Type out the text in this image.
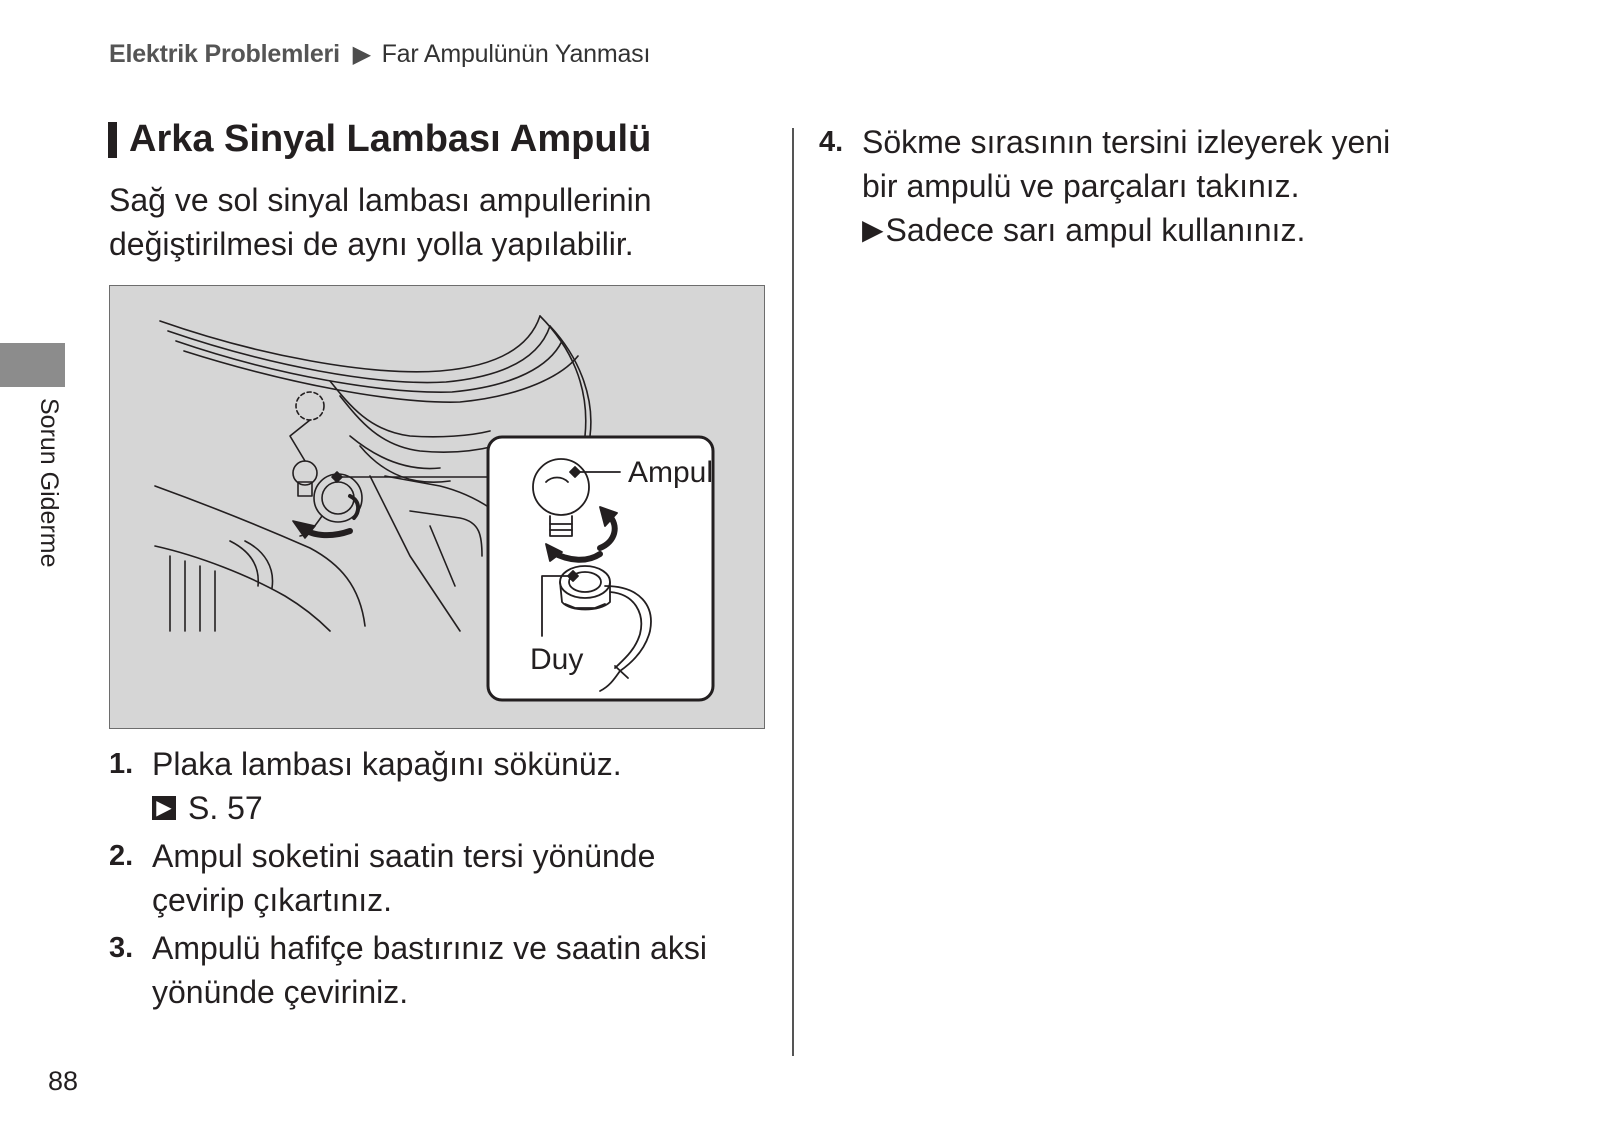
Elektrik Problemleri ▶ Far Ampulünün Yanması
Sorun Giderme
Arka Sinyal Lambası Ampulü
Sağ ve sol sinyal lambası ampullerinin
değiştirilmesi de aynı yolla yapılabilir.
Ampul
Duy
1. Plaka lambası kapağını sökünüz.
▶ S. 57
2. Ampul soketini saatin tersi yönünde
çevirip çıkartınız.
3. Ampulü hafifçe bastırınız ve saatin aksi
yönünde çeviriniz.
4. Sökme sırasının tersini izleyerek yeni
bir ampulü ve parçaları takınız.
▶ Sadece sarı ampul kullanınız.
88
